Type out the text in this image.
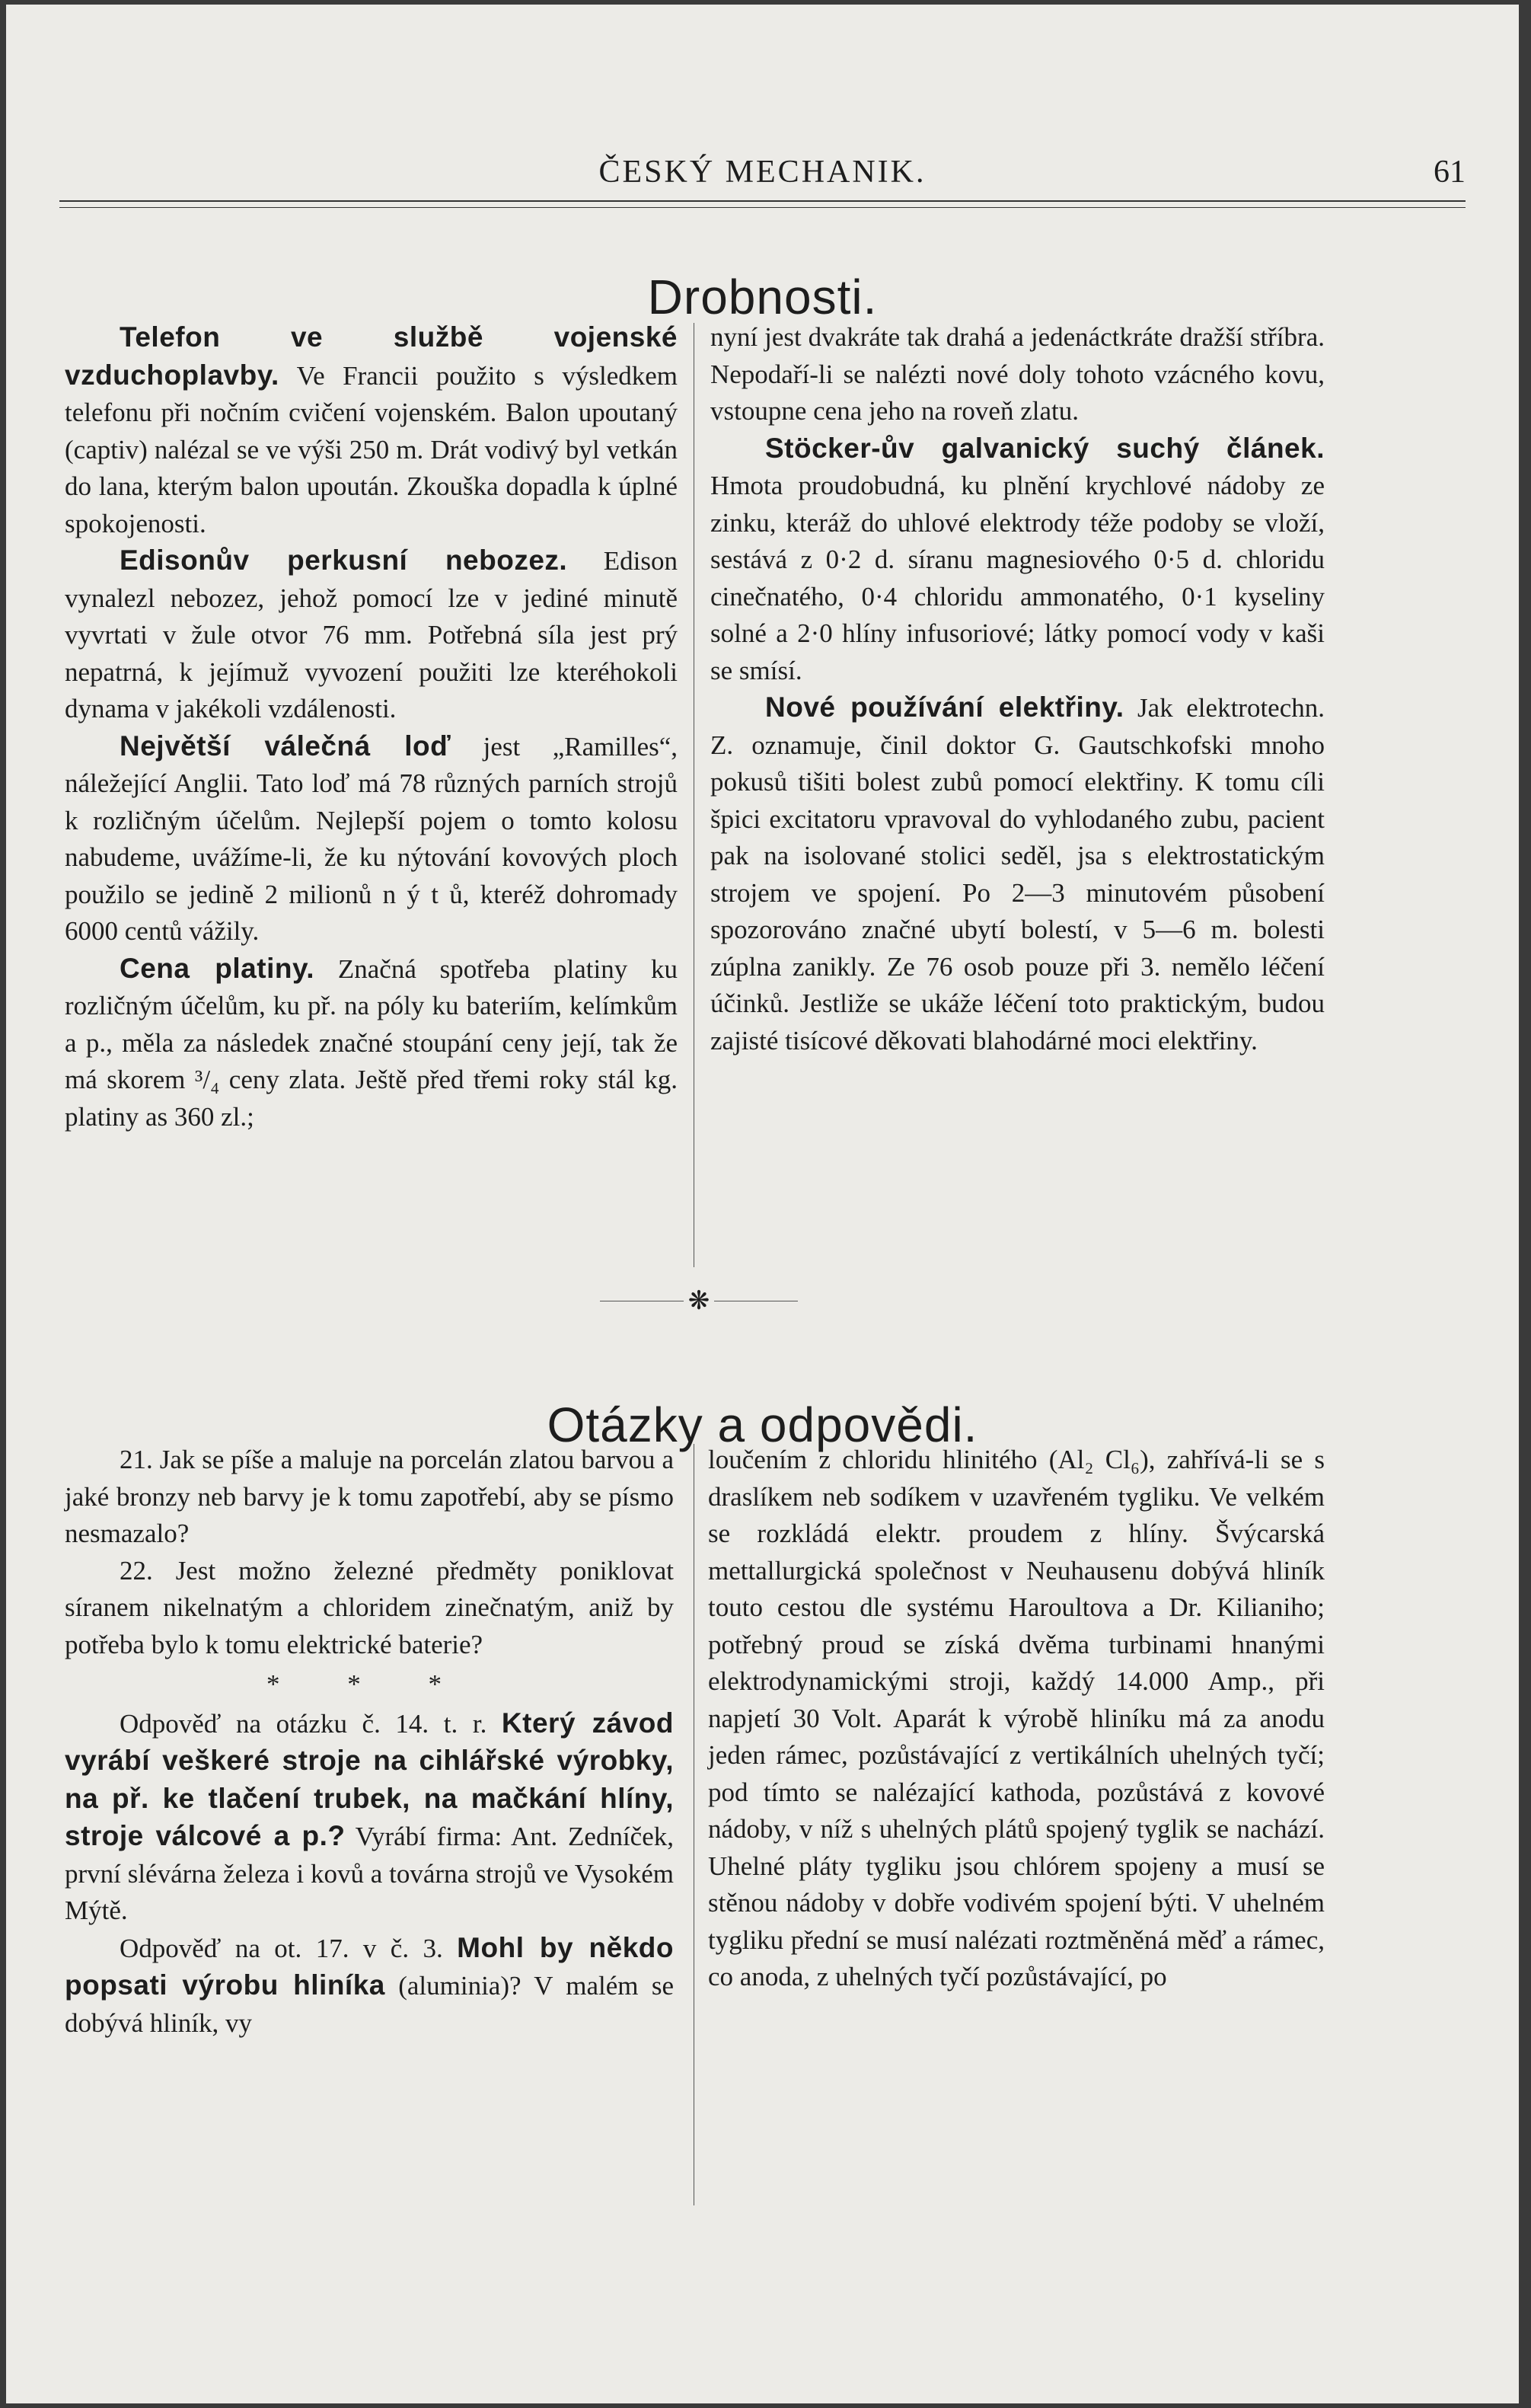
ČESKÝ MECHANIK.	61
Drobnosti.

Telefon ve službě vojenské vzduchoplavby. Ve Francii použito s výsledkem telefonu při nočním cvičení vojenském. Balon upoutaný (captiv) nalézal se ve výši 250 m. Drát vodivý byl vetkán do lana, kterým balon upoután. Zkouška dopadla k úplné spokojenosti.

Edisonův perkusní nebozez. Edison vynalezl nebozez, jehož pomocí lze v jediné minutě vyvrtati v žule otvor 76 mm. Potřebná síla jest prý nepatrná, k jejímuž vyvození použiti lze kteréhokoli dynama v jakékoli vzdálenosti.

Největší válečná loď jest „Ramilles“, náležející Anglii. Tato loď má 78 různých parních strojů k rozličným účelům. Nejlepší pojem o tomto kolosu nabudeme, uvážíme-li, že ku nýtování kovových ploch použilo se jedině 2 milionů n ý t ů, kteréž dohromady 6000 centů vážily.

Cena platiny. Značná spotřeba platiny ku rozličným účelům, ku př. na póly ku bateriím, kelímkům a p., měla za následek značné stoupání ceny její, tak že má skorem ³/₄ ceny zlata. Ještě před třemi roky stál kg. platiny as 360 zl.;

nyní jest dvakráte tak drahá a jedenáctkráte dražší stříbra. Nepodaří-li se nalézti nové doly tohoto vzácného kovu, vstoupne cena jeho na roveň zlatu.

Stöcker-ův galvanický suchý článek. Hmota proudobudná, ku plnění krychlové nádoby ze zinku, kteráž do uhlové elektrody téže podoby se vloží, sestává z 0·2 d. síranu magnesiového 0·5 d. chloridu cinečnatého, 0·4 chloridu ammonatého, 0·1 kyseliny solné a 2·0 hlíny infusoriové; látky pomocí vody v kaši se smísí.

Nové používání elektřiny. Jak elektrotechn. Z. oznamuje, činil doktor G. Gautschkofski mnoho pokusů tišiti bolest zubů pomocí elektřiny. K tomu cíli špici excitatoru vpravoval do vyhlodaného zubu, pacient pak na isolované stolici seděl, jsa s elektrostatickým strojem ve spojení. Po 2—3 minutovém působení spozorováno značné ubytí bolestí, v 5—6 m. bolesti zúplna zanikly. Ze 76 osob pouze při 3. nemělo léčení účinků. Jestliže se ukáže léčení toto praktickým, budou zajisté tisícové děkovati blahodárné moci elektřiny.

❋
Otázky a odpovědi.

21. Jak se píše a maluje na porcelán zlatou barvou a jaké bronzy neb barvy je k tomu zapotřebí, aby se písmo nesmazalo?

22. Jest možno železné předměty poniklovat síranem nikelnatým a chloridem zinečnatým, aniž by potřeba bylo k tomu elektrické baterie?

* * *

Odpověď na otázku č. 14. t. r. Který závod vyrábí veškeré stroje na cihlářské výrobky, na př. ke tlačení trubek, na mačkání hlíny, stroje válcové a p.? Vyrábí firma: Ant. Zedníček, první slévárna železa i kovů a továrna strojů ve Vysokém Mýtě.

Odpověď na ot. 17. v č. 3. Mohl by někdo popsati výrobu hliníka (aluminia)? V malém se dobývá hliník, vy

loučením z chloridu hlinitého (Al₂ Cl₆), zahřívá-li se s draslíkem neb sodíkem v uzavřeném tygliku. Ve velkém se rozkládá elektr. proudem z hlíny. Švýcarská mettallurgická společnost v Neuhausenu dobývá hliník touto cestou dle systému Haroultova a Dr. Kilianiho; potřebný proud se získá dvěma turbinami hnanými elektrodynamickými stroji, každý 14.000 Amp., při napjetí 30 Volt. Aparát k výrobě hliníku má za anodu jeden rámec, pozůstávající z vertikálních uhelných tyčí; pod tímto se nalézající kathoda, pozůstává z kovové nádoby, v níž s uhelných plátů spojený tyglik se nachází. Uhelné pláty tygliku jsou chlórem spojeny a musí se stěnou nádoby v dobře vodivém spojení býti. V uhelném tygliku přední se musí nalézati roztměněná měď a rámec, co anoda, z uhelných tyčí pozůstávající, po
